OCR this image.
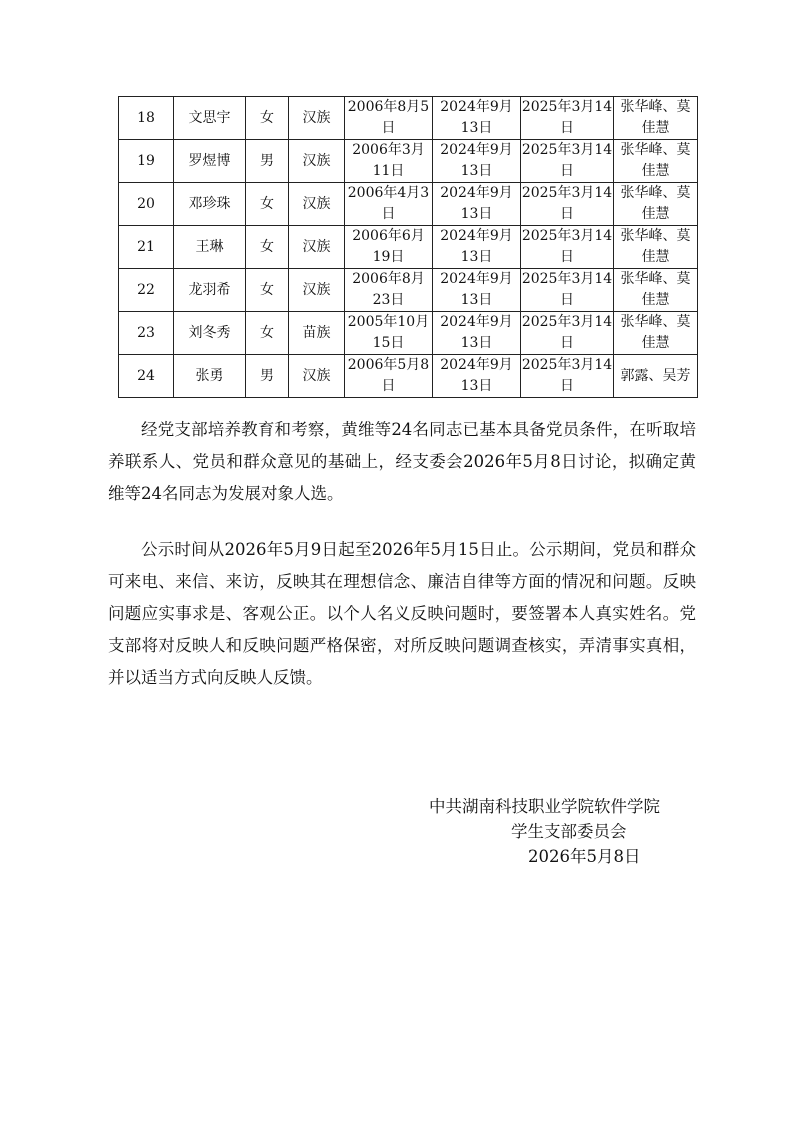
18	文思宇	女	汉族	2006年8月5日	2024年9月13日	2025年3月14日	张华峰、莫佳慧
19	罗煜博	男	汉族	2006年3月11日	2024年9月13日	2025年3月14日	张华峰、莫佳慧
20	邓珍珠	女	汉族	2006年4月3日	2024年9月13日	2025年3月14日	张华峰、莫佳慧
21	王琳	女	汉族	2006年6月19日	2024年9月13日	2025年3月14日	张华峰、莫佳慧
22	龙羽希	女	汉族	2006年8月23日	2024年9月13日	2025年3月14日	张华峰、莫佳慧
23	刘冬秀	女	苗族	2005年10月15日	2024年9月13日	2025年3月14日	张华峰、莫佳慧
24	张勇	男	汉族	2006年5月8日	2024年9月13日	2025年3月14日	郭露、吴芳

经党支部培养教育和考察，黄维等24名同志已基本具备党员条件，在听取培养联系人、党员和群众意见的基础上，经支委会2026年5月8日讨论，拟确定黄维等24名同志为发展对象人选。

公示时间从2026年5月9日起至2026年5月15日止。公示期间，党员和群众可来电、来信、来访，反映其在理想信念、廉洁自律等方面的情况和问题。反映问题应实事求是、客观公正。以个人名义反映问题时，要签署本人真实姓名。党支部将对反映人和反映问题严格保密，对所反映问题调查核实，弄清事实真相，并以适当方式向反映人反馈。

中共湖南科技职业学院软件学院
学生支部委员会
2026年5月8日
